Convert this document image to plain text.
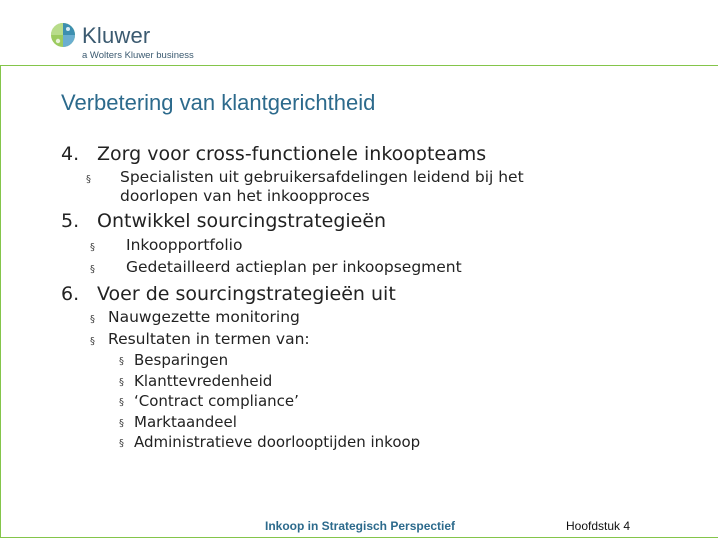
Kluwer
a Wolters Kluwer business
Verbetering van klantgerichtheid
4. Zorg voor cross-functionele inkoopteams
§ Specialisten uit gebruikersafdelingen leidend bij het
doorlopen van het inkoopproces
5. Ontwikkel sourcingstrategieën
§ Inkoopportfolio
§ Gedetailleerd actieplan per inkoopsegment
6. Voer de sourcingstrategieën uit
§ Nauwgezette monitoring
§ Resultaten in termen van:
§ Besparingen
§ Klanttevredenheid
§ ‘Contract compliance’
§ Marktaandeel
§ Administratieve doorlooptijden inkoop
Inkoop in Strategisch Perspectief	Hoofdstuk 4
